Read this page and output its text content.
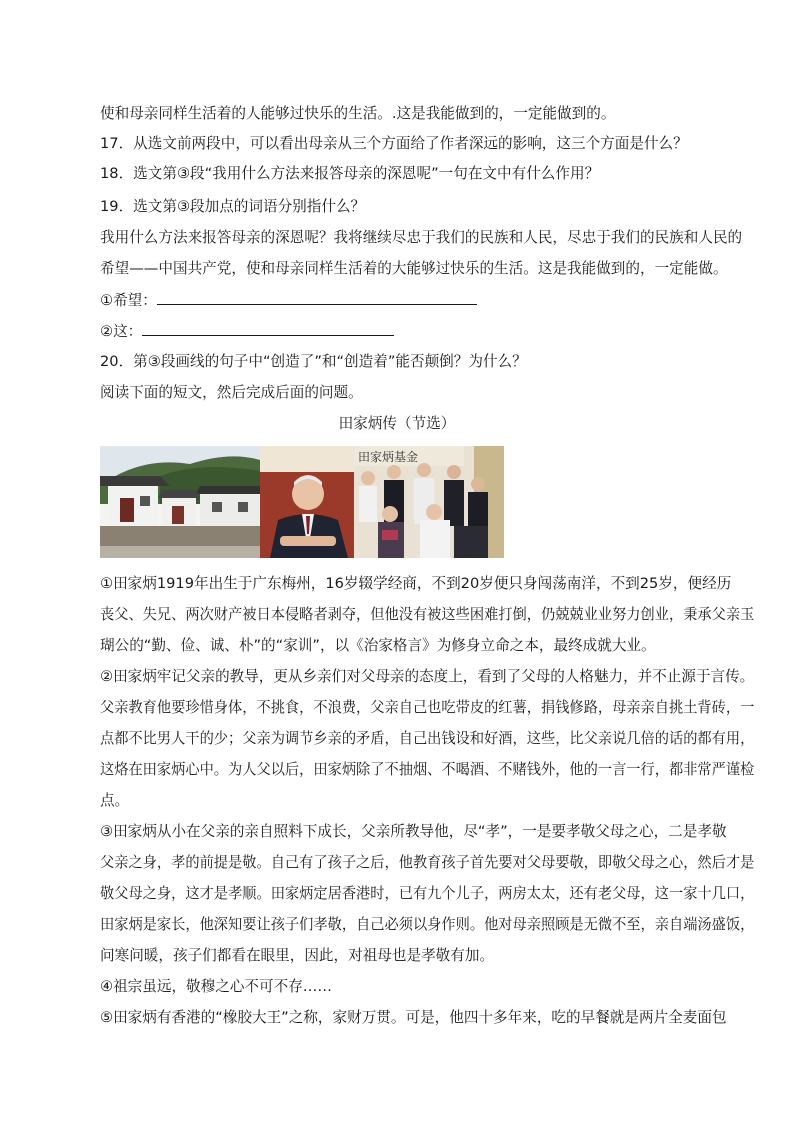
使和母亲同样生活着的人能够过快乐的生活。.这是我能做到的，一定能做到的。
17．从选文前两段中，可以看出母亲从三个方面给了作者深远的影响，这三个方面是什么？
18．选文第③段“我用什么方法来报答母亲的深恩呢”一句在文中有什么作用？
19．选文第③段加点的词语分别指什么？
我用什么方法来报答母亲的深恩呢？我将继续尽忠于我们的民族和人民，尽忠于我们的民族和人民的
希望——中国共产党，使和母亲同样生活着的大能够过快乐的生活。这是我能做到的，一定能做。
①希望：
②这：
20．第③段画线的句子中“创造了”和“创造着”能否颠倒？为什么？
阅读下面的短文，然后完成后面的问题。
田家炳传（节选）
田家炳基金
①田家炳1919年出生于广东梅州，16岁辍学经商，不到20岁便只身闯荡南洋，不到25岁，便经历
丧父、失兄、两次财产被日本侵略者剥夺，但他没有被这些困难打倒，仍兢兢业业努力创业，秉承父亲玉
瑚公的“勤、俭、诚、朴”的“家训”，以《治家格言》为修身立命之本，最终成就大业。
②田家炳牢记父亲的教导，更从乡亲们对父母亲的态度上，看到了父母的人格魅力，并不止源于言传。
父亲教育他要珍惜身体，不挑食，不浪费，父亲自己也吃带皮的红薯，捐钱修路，母亲亲自挑土背砖，一
点都不比男人干的少；父亲为调节乡亲的矛盾，自己出钱设和好酒，这些，比父亲说几倍的话的都有用，
这烙在田家炳心中。为人父以后，田家炳除了不抽烟、不喝酒、不赌钱外，他的一言一行，都非常严谨检
点。
③田家炳从小在父亲的亲自照料下成长，父亲所教导他，尽“孝”，一是要孝敬父母之心，二是孝敬
父亲之身，孝的前提是敬。自己有了孩子之后，他教育孩子首先要对父母要敬，即敬父母之心，然后才是
敬父母之身，这才是孝顺。田家炳定居香港时，已有九个儿子，两房太太，还有老父母，这一家十几口，
田家炳是家长，他深知要让孩子们孝敬，自己必须以身作则。他对母亲照顾是无微不至，亲自端汤盛饭，
问寒问暖，孩子们都看在眼里，因此，对祖母也是孝敬有加。
④祖宗虽远，敬穆之心不可不存……
⑤田家炳有香港的“橡胶大王”之称，家财万贯。可是，他四十多年来，吃的早餐就是两片全麦面包
